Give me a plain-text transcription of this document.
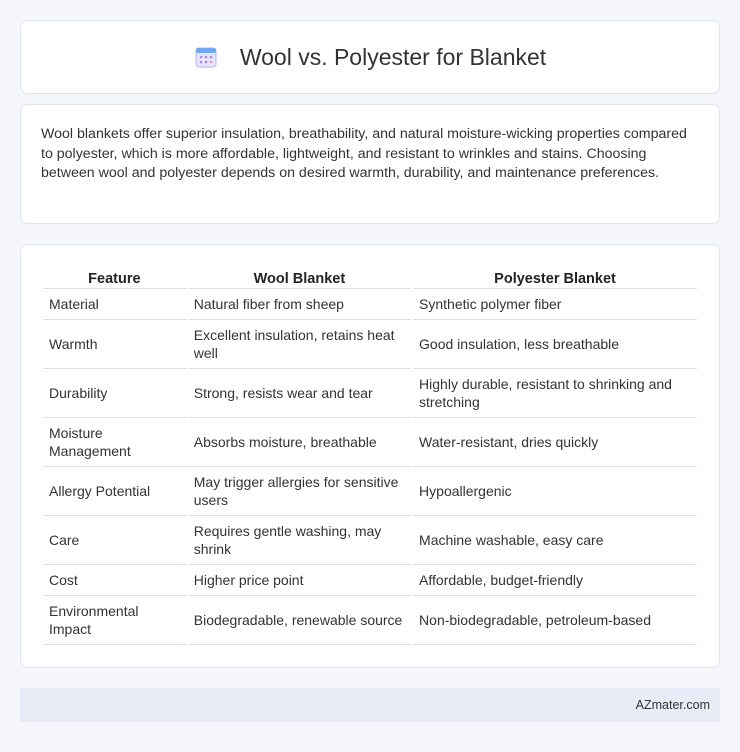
Wool vs. Polyester for Blanket

Wool blankets offer superior insulation, breathability, and natural moisture-wicking properties compared to polyester, which is more affordable, lightweight, and resistant to wrinkles and stains. Choosing between wool and polyester depends on desired warmth, durability, and maintenance preferences.

Feature	Wool Blanket	Polyester Blanket
Material	Natural fiber from sheep	Synthetic polymer fiber
Warmth	Excellent insulation, retains heat well	Good insulation, less breathable
Durability	Strong, resists wear and tear	Highly durable, resistant to shrinking and stretching
Moisture Management	Absorbs moisture, breathable	Water-resistant, dries quickly
Allergy Potential	May trigger allergies for sensitive users	Hypoallergenic
Care	Requires gentle washing, may shrink	Machine washable, easy care
Cost	Higher price point	Affordable, budget-friendly
Environmental Impact	Biodegradable, renewable source	Non-biodegradable, petroleum-based
AZmater.com
